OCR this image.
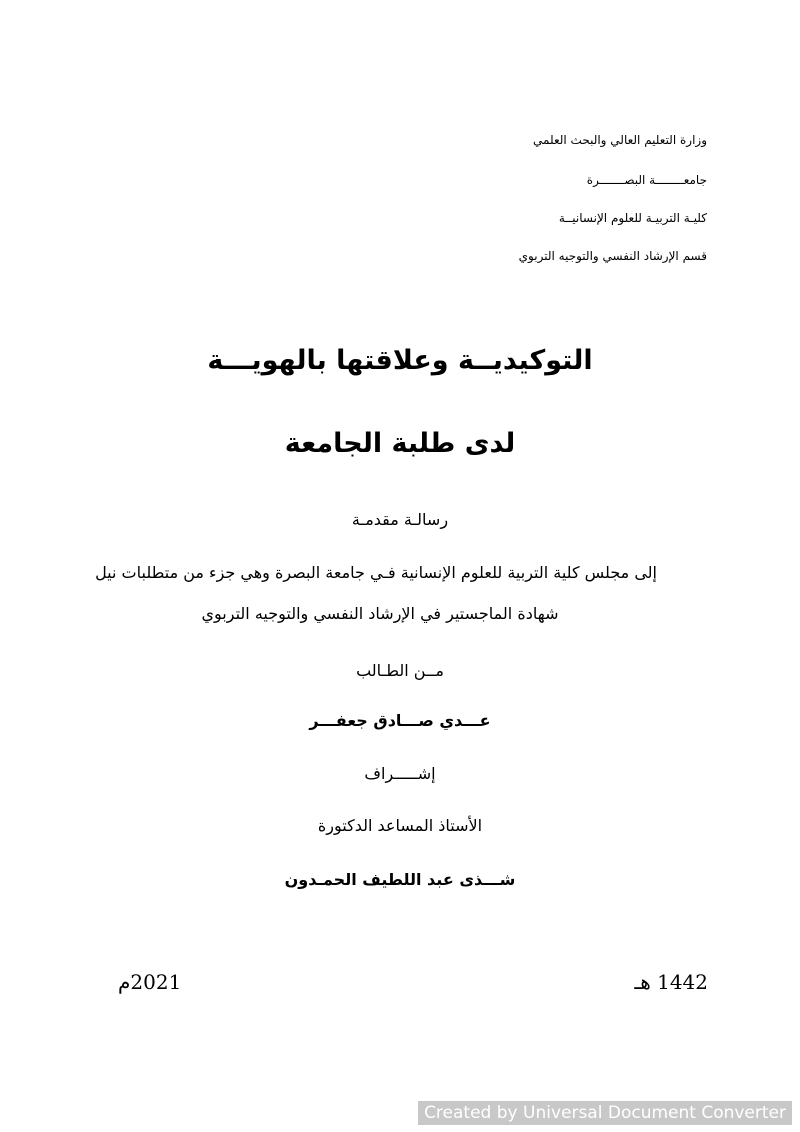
وزارة التعليم العالي والبحث العلمي
جامعــــــــة البصـــــــرة
كليـة التربيـة للعلوم الإنسانيــة
قسم الإرشاد النفسي والتوجيه التربوي
التوكيديــة وعلاقتها بالهويـــة
لدى طلبة الجامعة
رسالـة مقدمـة
إلى مجلس كلية التربية للعلوم الإنسانية فـي جامعة البصرة وهي جزء من متطلبات نيل
شهادة الماجستير في الإرشاد النفسي والتوجيه التربوي
مــن الطـالب
عـــدي صـــادق جعفـــر
إشـــــراف
الأستاذ المساعد الدكتورة
شـــذى عبد اللطيف الحمـدون
1442 هـ
2021م
Created by Universal Document Converter
